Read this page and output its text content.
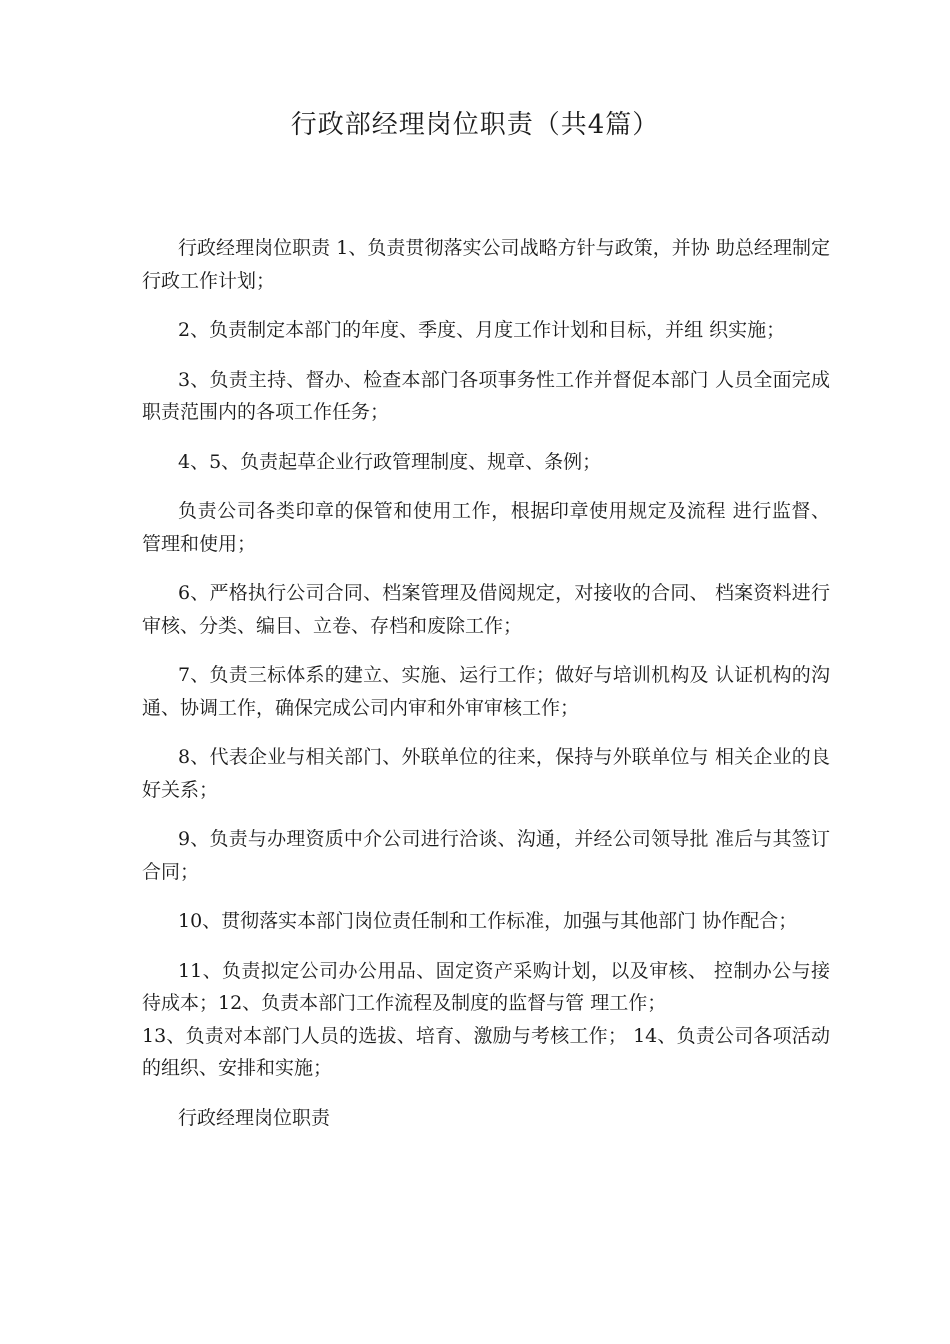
行政部经理岗位职责（共4篇）

行政经理岗位职责 1、负责贯彻落实公司战略方针与政策，并协 助总经理制定行政工作计划；

2、负责制定本部门的年度、季度、月度工作计划和目标，并组 织实施；

3、负责主持、督办、检查本部门各项事务性工作并督促本部门 人员全面完成职责范围内的各项工作任务；

4、5、负责起草企业行政管理制度、规章、条例；

负责公司各类印章的保管和使用工作，根据印章使用规定及流程 进行监督、管理和使用；

6、严格执行公司合同、档案管理及借阅规定，对接收的合同、 档案资料进行审核、分类、编目、立卷、存档和废除工作；

7、负责三标体系的建立、实施、运行工作；做好与培训机构及 认证机构的沟通、协调工作，确保完成公司内审和外审审核工作；

8、代表企业与相关部门、外联单位的往来，保持与外联单位与 相关企业的良好关系；

9、负责与办理资质中介公司进行洽谈、沟通，并经公司领导批 准后与其签订合同；

10、贯彻落实本部门岗位责任制和工作标准，加强与其他部门 协作配合；

11、负责拟定公司办公用品、固定资产采购计划，以及审核、 控制办公与接待成本；12、负责本部门工作流程及制度的监督与管 理工作；

13、负责对本部门人员的选拔、培育、激励与考核工作； 14、负责公司各项活动的组织、安排和实施；

行政经理岗位职责
